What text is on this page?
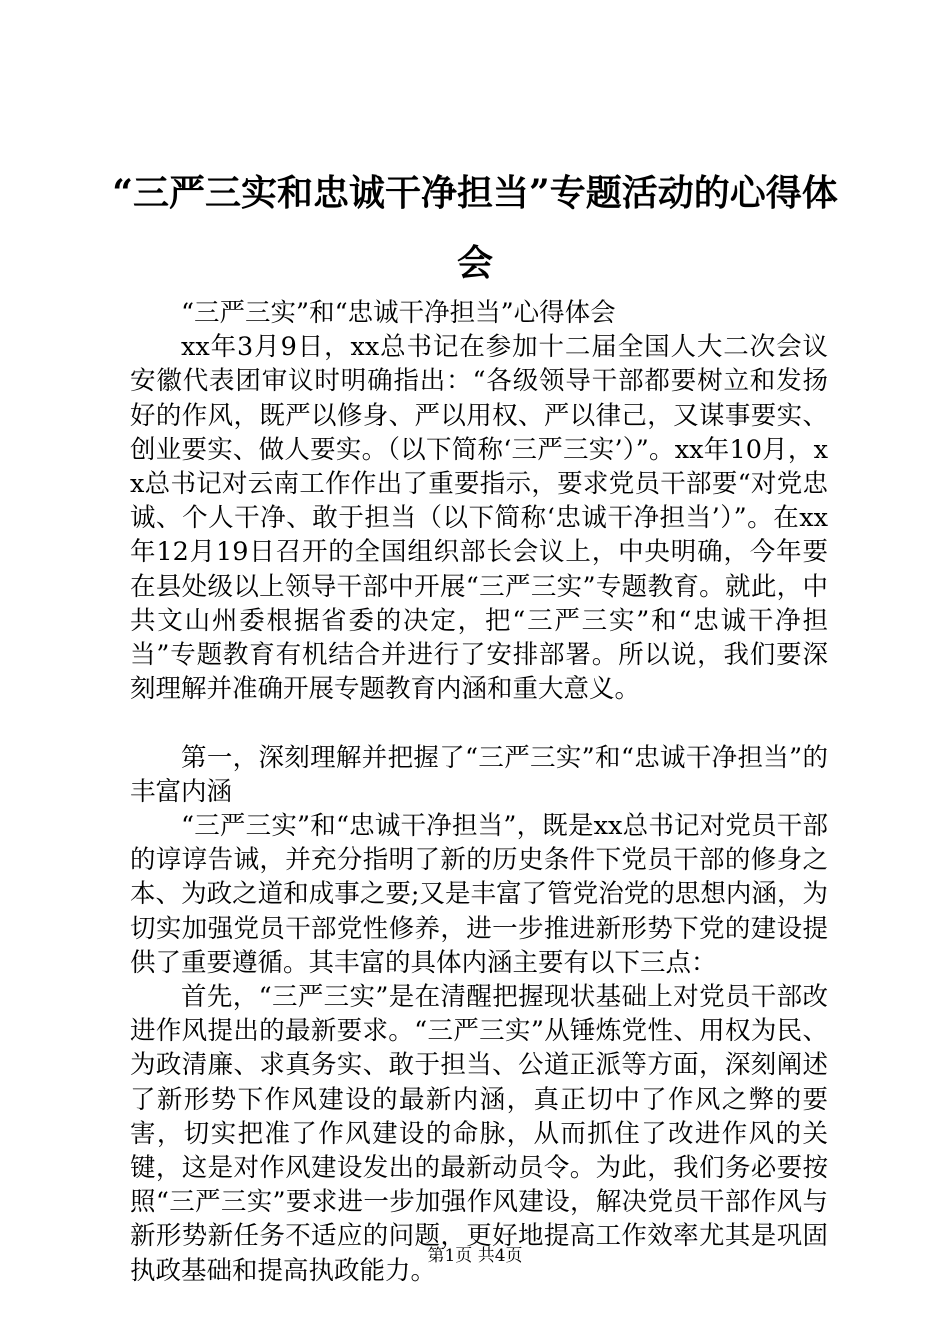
“三严三实和忠诚干净担当”专题活动的心得体会

“三严三实”和“忠诚干净担当”心得体会

xx年3月9日，xx总书记在参加十二届全国人大二次会议安徽代表团审议时明确指出：“各级领导干部都要树立和发扬好的作风，既严以修身、严以用权、严以律己，又谋事要实、创业要实、做人要实。（以下简称‘三严三实’）”。xx年10月，xx总书记对云南工作作出了重要指示，要求党员干部要“对党忠诚、个人干净、敢于担当（以下简称‘忠诚干净担当’）”。在xx年12月19日召开的全国组织部长会议上，中央明确，今年要在县处级以上领导干部中开展“三严三实”专题教育。就此，中共文山州委根据省委的决定，把“三严三实”和“忠诚干净担当”专题教育有机结合并进行了安排部署。所以说，我们要深刻理解并准确开展专题教育内涵和重大意义。

第一，深刻理解并把握了“三严三实”和“忠诚干净担当”的丰富内涵

“三严三实”和“忠诚干净担当”，既是xx总书记对党员干部的谆谆告诫，并充分指明了新的历史条件下党员干部的修身之本、为政之道和成事之要;又是丰富了管党治党的思想内涵，为切实加强党员干部党性修养，进一步推进新形势下党的建设提供了重要遵循。其丰富的具体内涵主要有以下三点：

首先，“三严三实”是在清醒把握现状基础上对党员干部改进作风提出的最新要求。“三严三实”从锤炼党性、用权为民、为政清廉、求真务实、敢于担当、公道正派等方面，深刻阐述了新形势下作风建设的最新内涵，真正切中了作风之弊的要害，切实把准了作风建设的命脉，从而抓住了改进作风的关键，这是对作风建设发出的最新动员令。为此，我们务必要按照“三严三实”要求进一步加强作风建设，解决党员干部作风与新形势新任务不适应的问题，更好地提高工作效率尤其是巩固执政基础和提高执政能力。

第1页 共4页
